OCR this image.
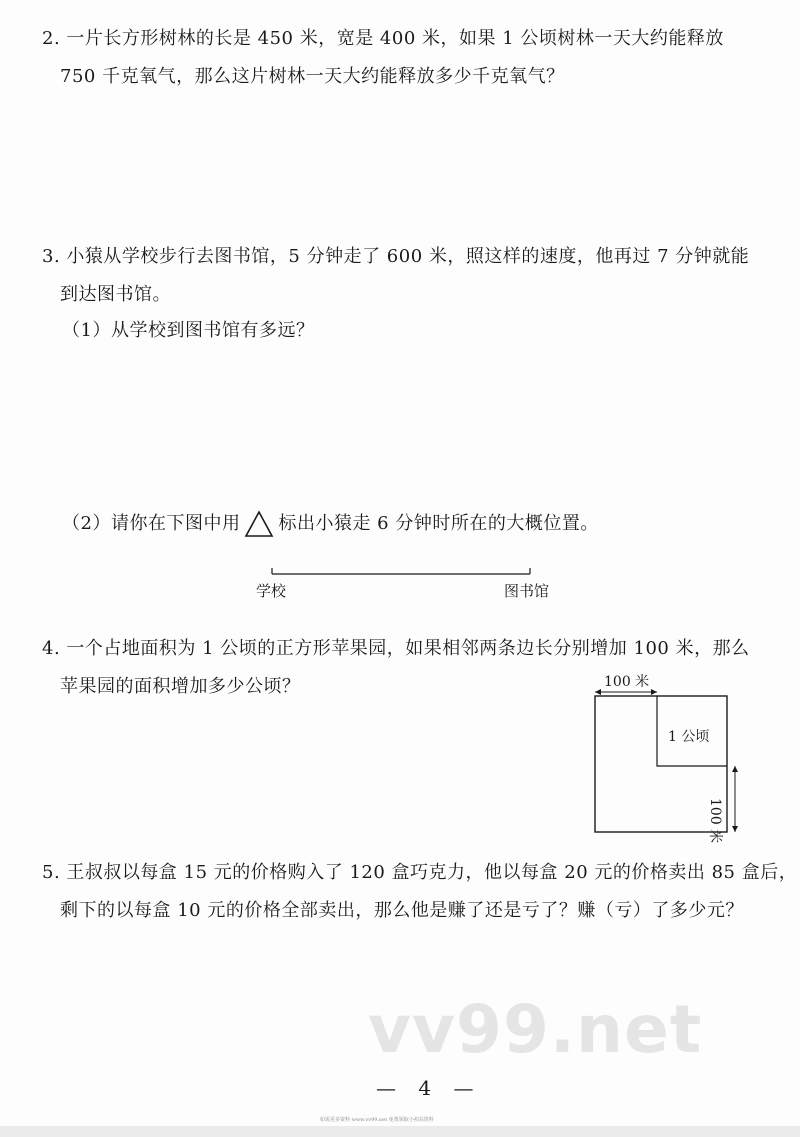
2. 一片长方形树林的长是 450 米，宽是 400 米，如果 1 公顷树林一天大约能释放
750 千克氧气，那么这片树林一天大约能释放多少千克氧气？
3. 小猿从学校步行去图书馆，5 分钟走了 600 米，照这样的速度，他再过 7 分钟就能
到达图书馆。
（1）从学校到图书馆有多远？
（2）请你在下图中用 标出小猿走 6 分钟时所在的大概位置。
学校	图书馆
4. 一个占地面积为 1 公顷的正方形苹果园，如果相邻两条边长分别增加 100 米，那么
苹果园的面积增加多少公顷？	100 米
1 公顷
100 米
5. 王叔叔以每盒 15 元的价格购入了 120 盒巧克力，他以每盒 20 元的价格卖出 85 盒后，
剩下的以每盒 10 元的价格全部卖出，那么他是赚了还是亏了？赚（亏）了多少元？
vv99.net
— 4 —
如需更多资料 www.vv99.net 免费领取小初高资料
